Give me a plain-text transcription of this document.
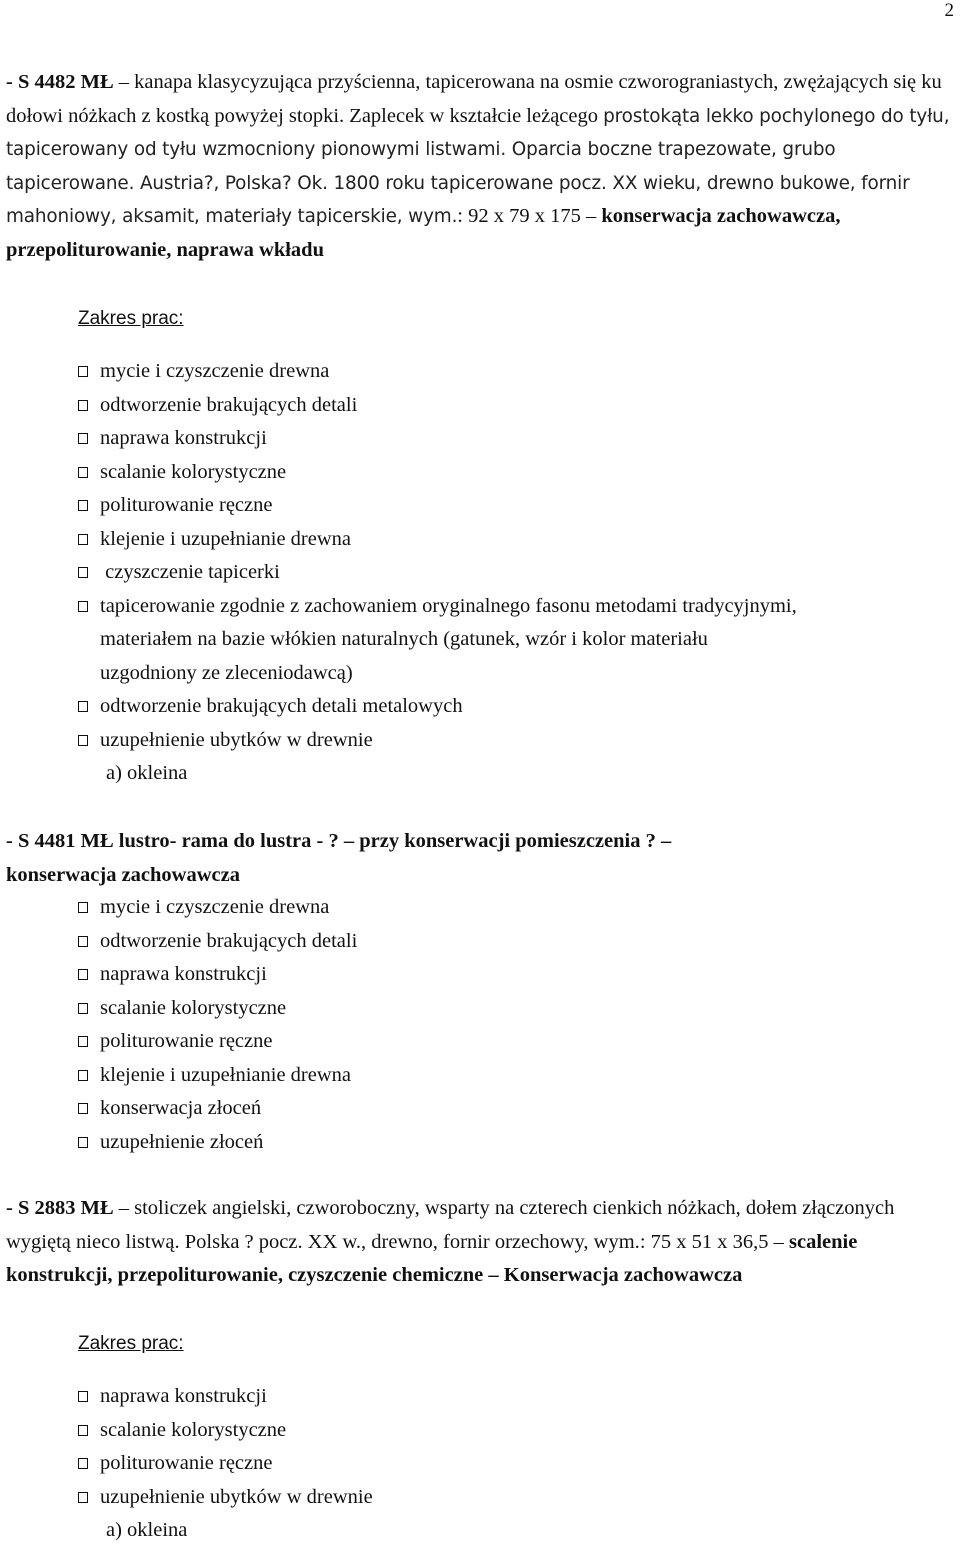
2
- S 4482 MŁ – kanapa klasycyzująca przyścienna, tapicerowana na osmie czworograniastych, zwężających się ku dołowi nóżkach z kostką powyżej stopki. Zaplecek w kształcie leżącego prostokąta lekko pochylonego do tyłu, tapicerowany od tyłu wzmocniony pionowymi listwami. Oparcia boczne trapezowate, grubo tapicerowane. Austria?, Polska? Ok. 1800 roku tapicerowane pocz. XX wieku, drewno bukowe, fornir mahoniowy, aksamit, materiały tapicerskie, wym.: 92 x 79 x 175 – konserwacja zachowawcza, przepoliturowanie, naprawa wkładu
Zakres prac:
mycie i czyszczenie drewna
odtworzenie brakujących detali
naprawa konstrukcji
scalanie kolorystyczne
politurowanie ręczne
klejenie i uzupełnianie drewna
czyszczenie tapicerki
tapicerowanie zgodnie z zachowaniem oryginalnego fasonu metodami tradycyjnymi,
materiałem na bazie włókien naturalnych (gatunek, wzór i kolor materiału
uzgodniony ze zleceniodawcą)
odtworzenie brakujących detali metalowych
uzupełnienie ubytków w drewnie
a) okleina
- S 4481 MŁ lustro- rama do lustra - ? – przy konserwacji pomieszczenia ? –
konserwacja zachowawcza
mycie i czyszczenie drewna
odtworzenie brakujących detali
naprawa konstrukcji
scalanie kolorystyczne
politurowanie ręczne
klejenie i uzupełnianie drewna
konserwacja złoceń
uzupełnienie złoceń
- S 2883 MŁ – stoliczek angielski, czworoboczny, wsparty na czterech cienkich nóżkach, dołem złączonych wygiętą nieco listwą. Polska ? pocz. XX w., drewno, fornir orzechowy, wym.: 75 x 51 x 36,5 – scalenie konstrukcji, przepoliturowanie, czyszczenie chemiczne – Konserwacja zachowawcza
Zakres prac:
naprawa konstrukcji
scalanie kolorystyczne
politurowanie ręczne
uzupełnienie ubytków w drewnie
a) okleina
